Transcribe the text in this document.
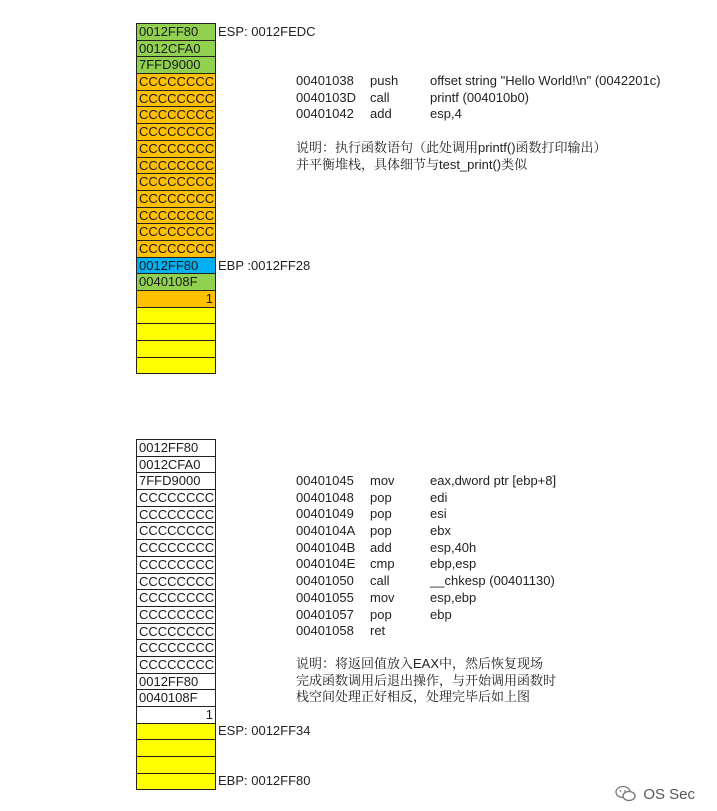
0012FF80
0012CFA0
7FFD9000
CCCCCCCC
CCCCCCCC
CCCCCCCC
CCCCCCCC
CCCCCCCC
CCCCCCCC
CCCCCCCC
CCCCCCCC
CCCCCCCC
CCCCCCCC
CCCCCCCC
0012FF80
0040108F
1
ESP: 0012FEDC
EBP :0012FF28
00401038 push offset string "Hello World!\n" (0042201c)
0040103D call	printf (004010b0)
00401042 add	esp,4
说明：执行函数语句（此处调用printf()函数打印输出）
并平衡堆栈，具体细节与test_print()类似
0012FF80
0012CFA0
7FFD9000
CCCCCCCC
CCCCCCCC
CCCCCCCC
CCCCCCCC
CCCCCCCC
CCCCCCCC
CCCCCCCC
CCCCCCCC
CCCCCCCC
CCCCCCCC
CCCCCCCC
0012FF80
0040108F
1
ESP: 0012FF34
EBP: 0012FF80
00401045 mov	eax,dword ptr [ebp+8]
00401048 pop	edi
00401049 pop	esi
0040104A pop	ebx
0040104B add	esp,40h
0040104E cmp	ebp,esp
00401050 call	__chkesp (00401130)
00401055 mov	esp,ebp
00401057 pop	ebp
00401058 ret
说明：将返回值放入EAX中，然后恢复现场
完成函数调用后退出操作，与开始调用函数时
栈空间处理正好相反，处理完毕后如上图
OS Sec
